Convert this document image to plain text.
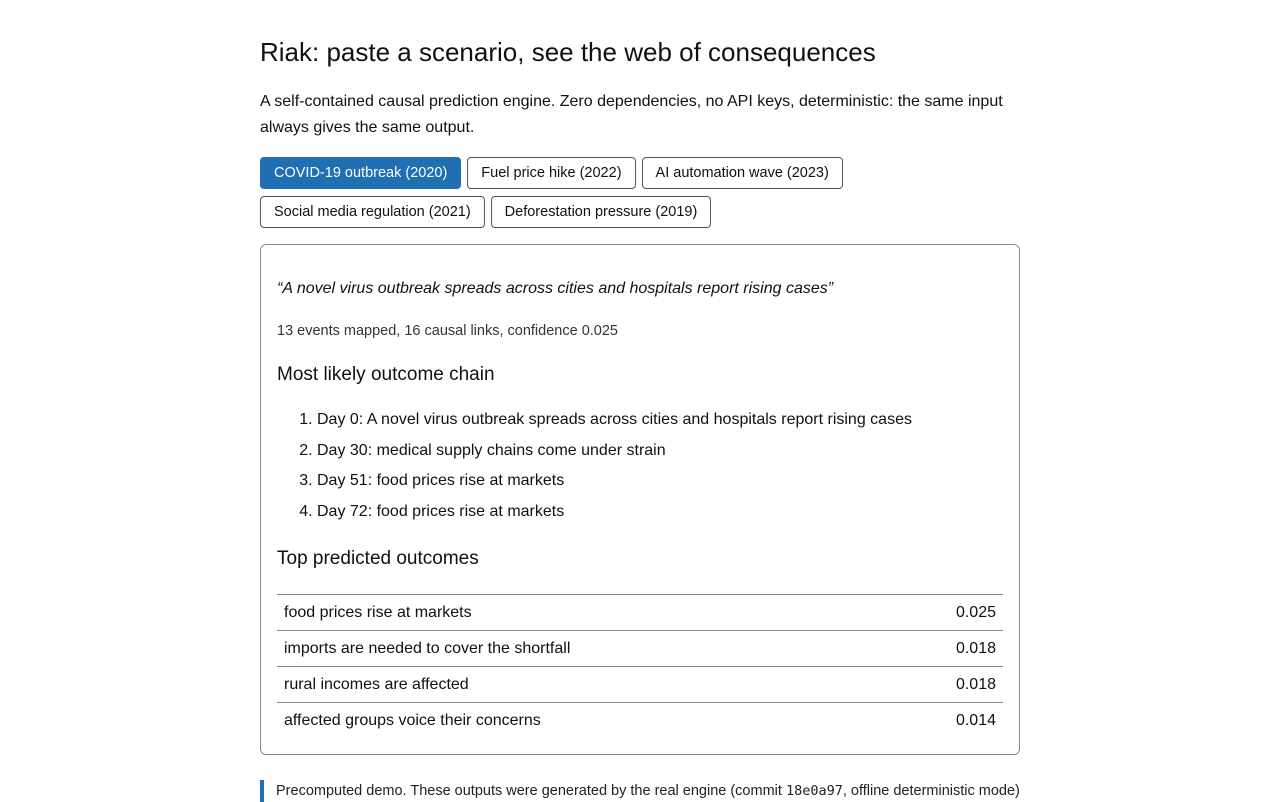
Riak: paste a scenario, see the web of consequences

A self-contained causal prediction engine. Zero dependencies, no API keys, deterministic: the same input always gives the same output.

COVID-19 outbreak (2020) Fuel price hike (2022) AI automation wave (2023)
Social media regulation (2021) Deforestation pressure (2019)

“A novel virus outbreak spreads across cities and hospitals report rising cases”

13 events mapped, 16 causal links, confidence 0.025

Most likely outcome chain
1. Day 0: A novel virus outbreak spreads across cities and hospitals report rising cases
2. Day 30: medical supply chains come under strain
3. Day 51: food prices rise at markets
4. Day 72: food prices rise at markets
Top predicted outcomes
food prices rise at markets	0.025
imports are needed to cover the shortfall	0.018
rural incomes are affected	0.018
affected groups voice their concerns	0.014
Precomputed demo. These outputs were generated by the real engine (commit 18e0a97, offline deterministic mode)
